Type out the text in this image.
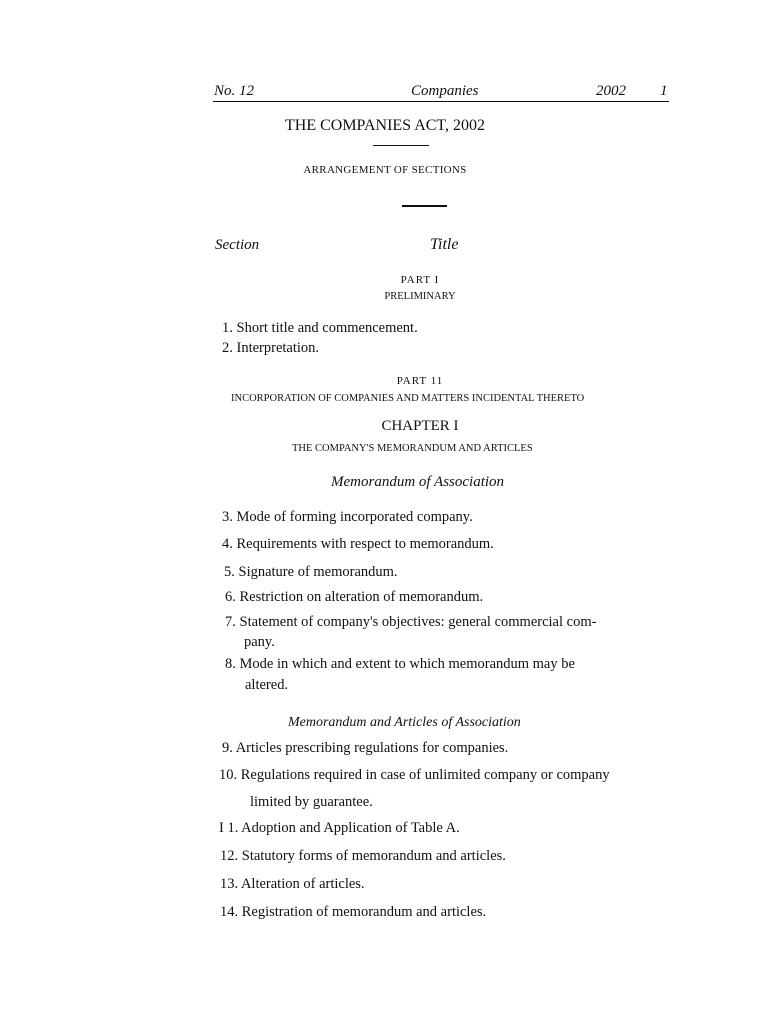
No. 12	Companies	2002 1
THE COMPANIES ACT, 2002
ARRANGEMENT OF SECTIONS
Section	Title
PART I
PRELIMINARY
1. Short title and commencement.
2. Interpretation.
PART 11
INCORPORATION OF COMPANIES AND MATTERS INCIDENTAL THERETO
CHAPTER I
THE COMPANY'S MEMORANDUM AND ARTICLES
Memorandum of Association
3. Mode of forming incorporated company.
4. Requirements with respect to memorandum.
5. Signature of memorandum.
6. Restriction on alteration of memorandum.
7. Statement of company's objectives: general commercial com-
pany.
8. Mode in which and extent to which memorandum may be
altered.
Memorandum and Articles of Association
9. Articles prescribing regulations for companies.
10. Regulations required in case of unlimited company or company
limited by guarantee.
I 1. Adoption and Application of Table A.
12. Statutory forms of memorandum and articles.
13. Alteration of articles.
14. Registration of memorandum and articles.
